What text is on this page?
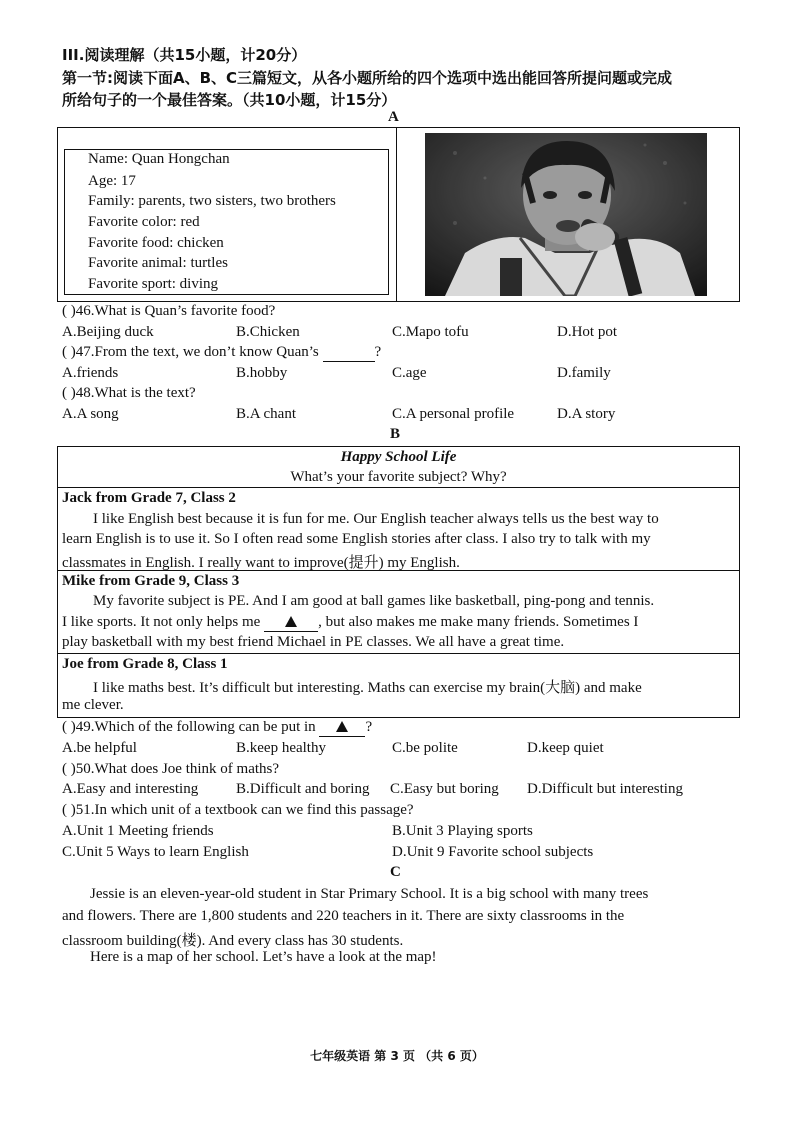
III.阅读理解（共15小题，计20分）
第一节:阅读下面A、B、C三篇短文，从各小题所给的四个选项中选出能回答所提问题或完成
所给句子的一个最佳答案。（共10小题，计15分）
A
Name: Quan Hongchan
Age: 17
Family: parents, two sisters, two brothers
Favorite color: red
Favorite food: chicken
Favorite animal: turtles
Favorite sport: diving
( )46.What is Quan’s favorite food?
A.Beijing duck	B.Chicken	C.Mapo tofu	D.Hot pot
( )47.From the text, we don’t know Quan’s	?
A.friends	B.hobby	C.age	D.family
( )48.What is the text?
A.A song	B.A chant	C.A personal profile	D.A story
B
Happy School Life
What’s your favorite subject? Why?
Jack from Grade 7, Class 2
I like English best because it is fun for me. Our English teacher always tells us the best way to
learn English is to use it. So I often read some English stories after class. I also try to talk with my
classmates in English. I really want to improve(提升) my English.
Mike from Grade 9, Class 3
My favorite subject is PE. And I am good at ball games like basketball, ping-pong and tennis.
I like sports. It not only helps me	, but also makes me make many friends. Sometimes I
play basketball with my best friend Michael in PE classes. We all have a great time.
Joe from Grade 8, Class 1
I like maths best. It’s difficult but interesting. Maths can exercise my brain(大脑) and make
me clever.
( )49.Which of the following can be put in	?
A.be helpful	B.keep healthy	C.be polite	D.keep quiet
( )50.What does Joe think of maths?
A.Easy and interesting	B.Difficult and boring C.Easy but boring D.Difficult but interesting
( )51.In which unit of a textbook can we find this passage?
A.Unit 1 Meeting friends	B.Unit 3 Playing sports
C.Unit 5 Ways to learn English	D.Unit 9 Favorite school subjects
C
Jessie is an eleven-year-old student in Star Primary School. It is a big school with many trees
and flowers. There are 1,800 students and 220 teachers in it. There are sixty classrooms in the
classroom building(楼). And every class has 30 students.
Here is a map of her school. Let’s have a look at the map!
七年级英语 第 3 页 （共 6 页）
